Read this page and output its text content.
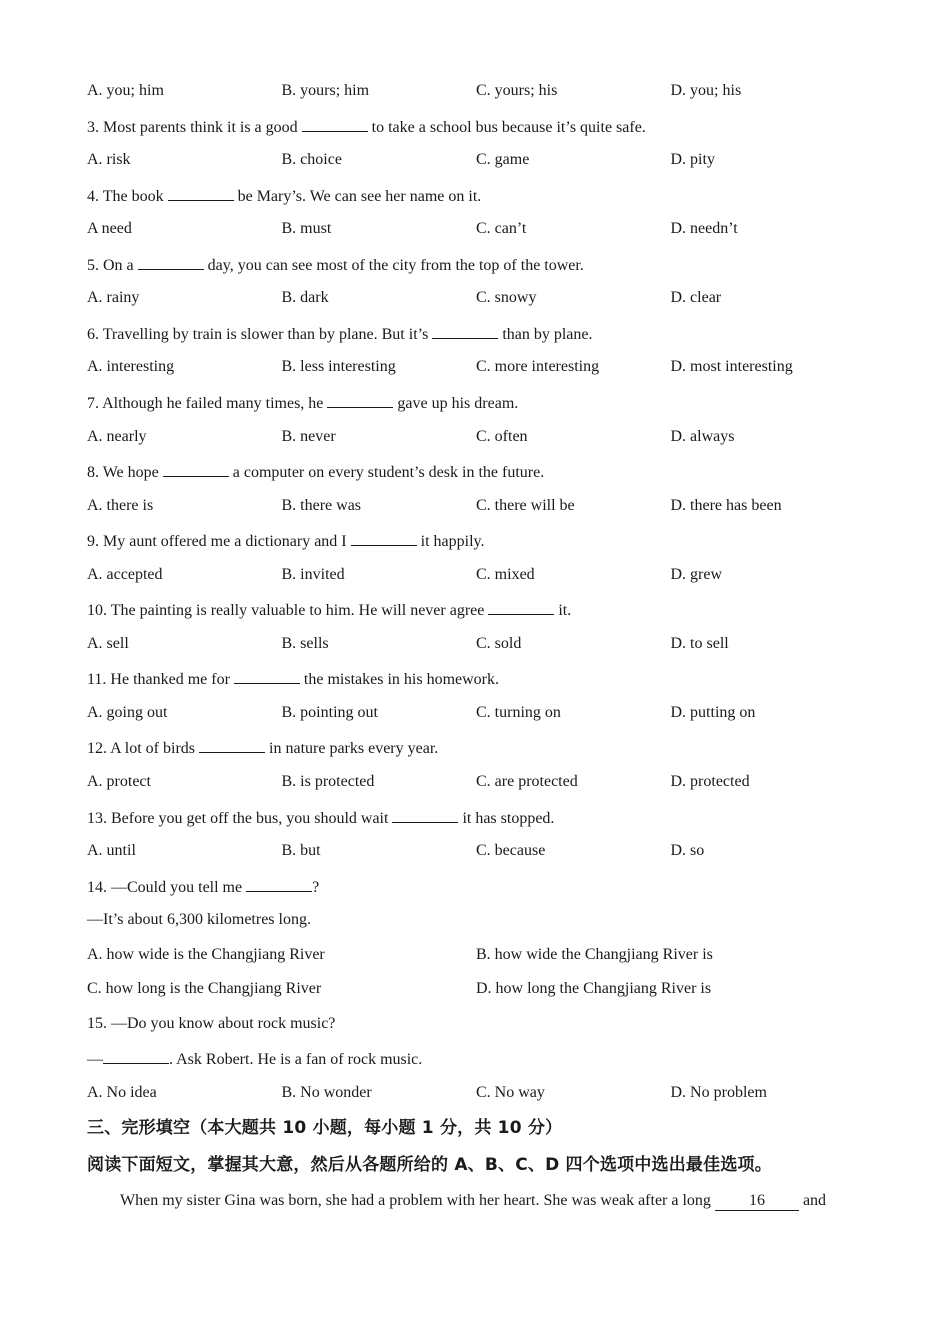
A. you; him	B. yours; him	C. yours; his	D. you; his
3. Most parents think it is a good	to take a school bus because it’s quite safe.
A. risk	B. choice	C. game	D. pity
4. The book	be Mary’s. We can see her name on it.
A need	B. must	C. can’t	D. needn’t
5. On a	day, you can see most of the city from the top of the tower.
A. rainy	B. dark	C. snowy	D. clear
6. Travelling by train is slower than by plane. But it’s	than by plane.
A. interesting	B. less interesting	C. more interesting	D. most interesting
7. Although he failed many times, he	gave up his dream.
A. nearly	B. never	C. often	D. always
8. We hope	a computer on every student’s desk in the future.
A. there is	B. there was	C. there will be	D. there has been
9. My aunt offered me a dictionary and I	it happily.
A. accepted	B. invited	C. mixed	D. grew
10. The painting is really valuable to him. He will never agree	it.
A. sell	B. sells	C. sold	D. to sell
11. He thanked me for	the mistakes in his homework.
A. going out	B. pointing out	C. turning on	D. putting on
12. A lot of birds	in nature parks every year.
A. protect	B. is protected	C. are protected	D. protected
13. Before you get off the bus, you should wait	it has stopped.
A. until	B. but	C. because	D. so
14. —Could you tell me	?
—It’s about 6,300 kilometres long.
A. how wide is the Changjiang River	B. how wide the Changjiang River is
C. how long is the Changjiang River	D. how long the Changjiang River is
15. —Do you know about rock music?
—	. Ask Robert. He is a fan of rock music.
A. No idea	B. No wonder	C. No way	D. No problem
三、完形填空（本大题共 10 小题，每小题 1 分，共 10 分）
阅读下面短文，掌握其大意，然后从各题所给的 A、B、C、D 四个选项中选出最佳选项。
When my sister Gina was born, she had a problem with her heart. She was weak after a long 16 and
